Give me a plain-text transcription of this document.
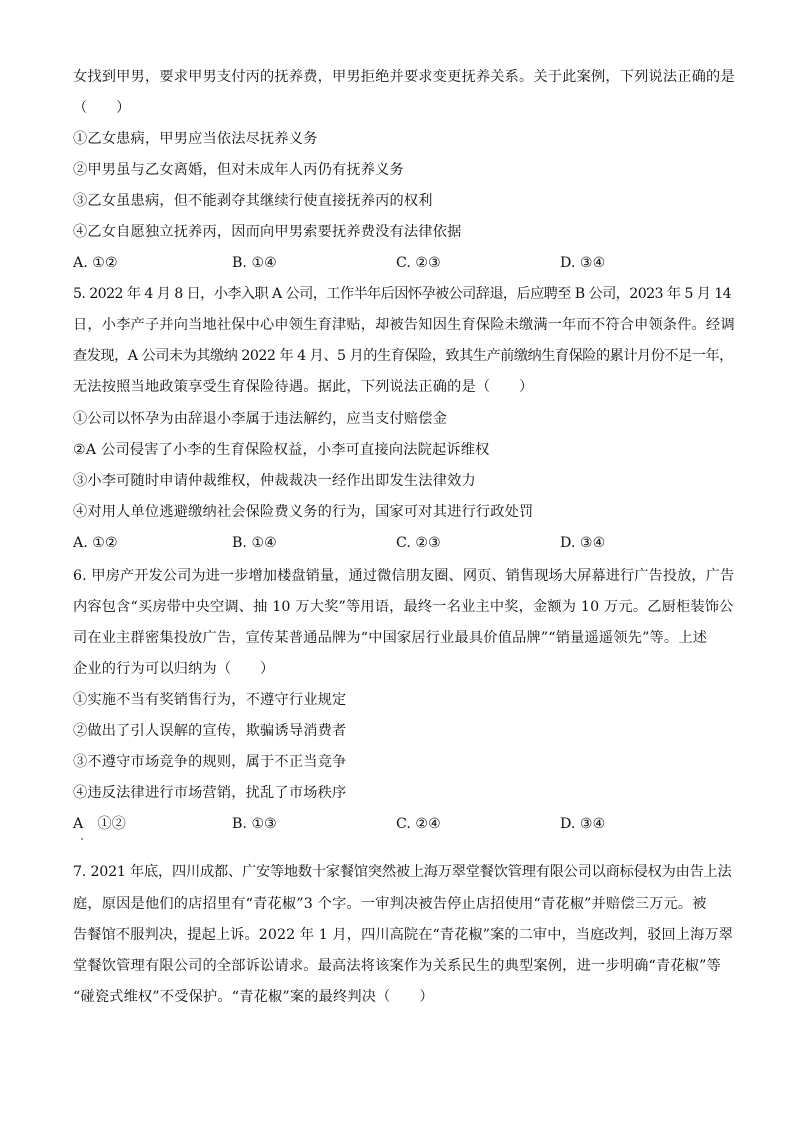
女找到甲男，要求甲男支付丙的抚养费，甲男拒绝并要求变更抚养关系。关于此案例，下列说法正确的是
（　　）
①乙女患病，甲男应当依法尽抚养义务
②甲男虽与乙女离婚，但对未成年人丙仍有抚养义务
③乙女虽患病，但不能剥夺其继续行使直接抚养丙的权利
④乙女自愿独立抚养丙，因而向甲男索要抚养费没有法律依据
A. ①②	B. ①④	C. ②③	D. ③④
5. 2022 年 4 月 8 日，小李入职 A 公司，工作半年后因怀孕被公司辞退，后应聘至 B 公司，2023 年 5 月 14
日，小李产子并向当地社保中心申领生育津贴，却被告知因生育保险未缴满一年而不符合申领条件。经调
查发现，A 公司未为其缴纳 2022 年 4 月、5 月的生育保险，致其生产前缴纳生育保险的累计月份不足一年，
无法按照当地政策享受生育保险待遇。据此，下列说法正确的是（　　）
①公司以怀孕为由辞退小李属于违法解约，应当支付赔偿金
②A 公司侵害了小李的生育保险权益，小李可直接向法院起诉维权
③小李可随时申请仲裁维权，仲裁裁决一经作出即发生法律效力
④对用人单位逃避缴纳社会保险费义务的行为，国家可对其进行行政处罚
A. ①②	B. ①④	C. ②③	D. ③④
6. 甲房产开发公司为进一步增加楼盘销量，通过微信朋友圈、网页、销售现场大屏幕进行广告投放，广告
内容包含“买房带中央空调、抽 10 万大奖”等用语，最终一名业主中奖，金额为 10 万元。乙厨柜装饰公
司在业主群密集投放广告，宣传某普通品牌为“中国家居行业最具价值品牌”“销量遥遥领先”等。上述
企业的行为可以归纳为（　　）
①实施不当有奖销售行为，不遵守行业规定
②做出了引人误解的宣传，欺骗诱导消费者
③不遵守市场竞争的规则，属于不正当竞争
④违反法律进行市场营销，扰乱了市场秩序
A　①②	B. ①③	C. ②④	D. ③④
7. 2021 年底，四川成都、广安等地数十家餐馆突然被上海万翠堂餐饮管理有限公司以商标侵权为由告上法
庭，原因是他们的店招里有“青花椒”3 个字。一审判决被告停止店招使用“青花椒”并赔偿三万元。被
告餐馆不服判决，提起上诉。2022 年 1 月，四川高院在“青花椒”案的二审中，当庭改判，驳回上海万翠
堂餐饮管理有限公司的全部诉讼请求。最高法将该案作为关系民生的典型案例，进一步明确“青花椒”等
“碰瓷式维权”不受保护。“青花椒”案的最终判决（　　）
